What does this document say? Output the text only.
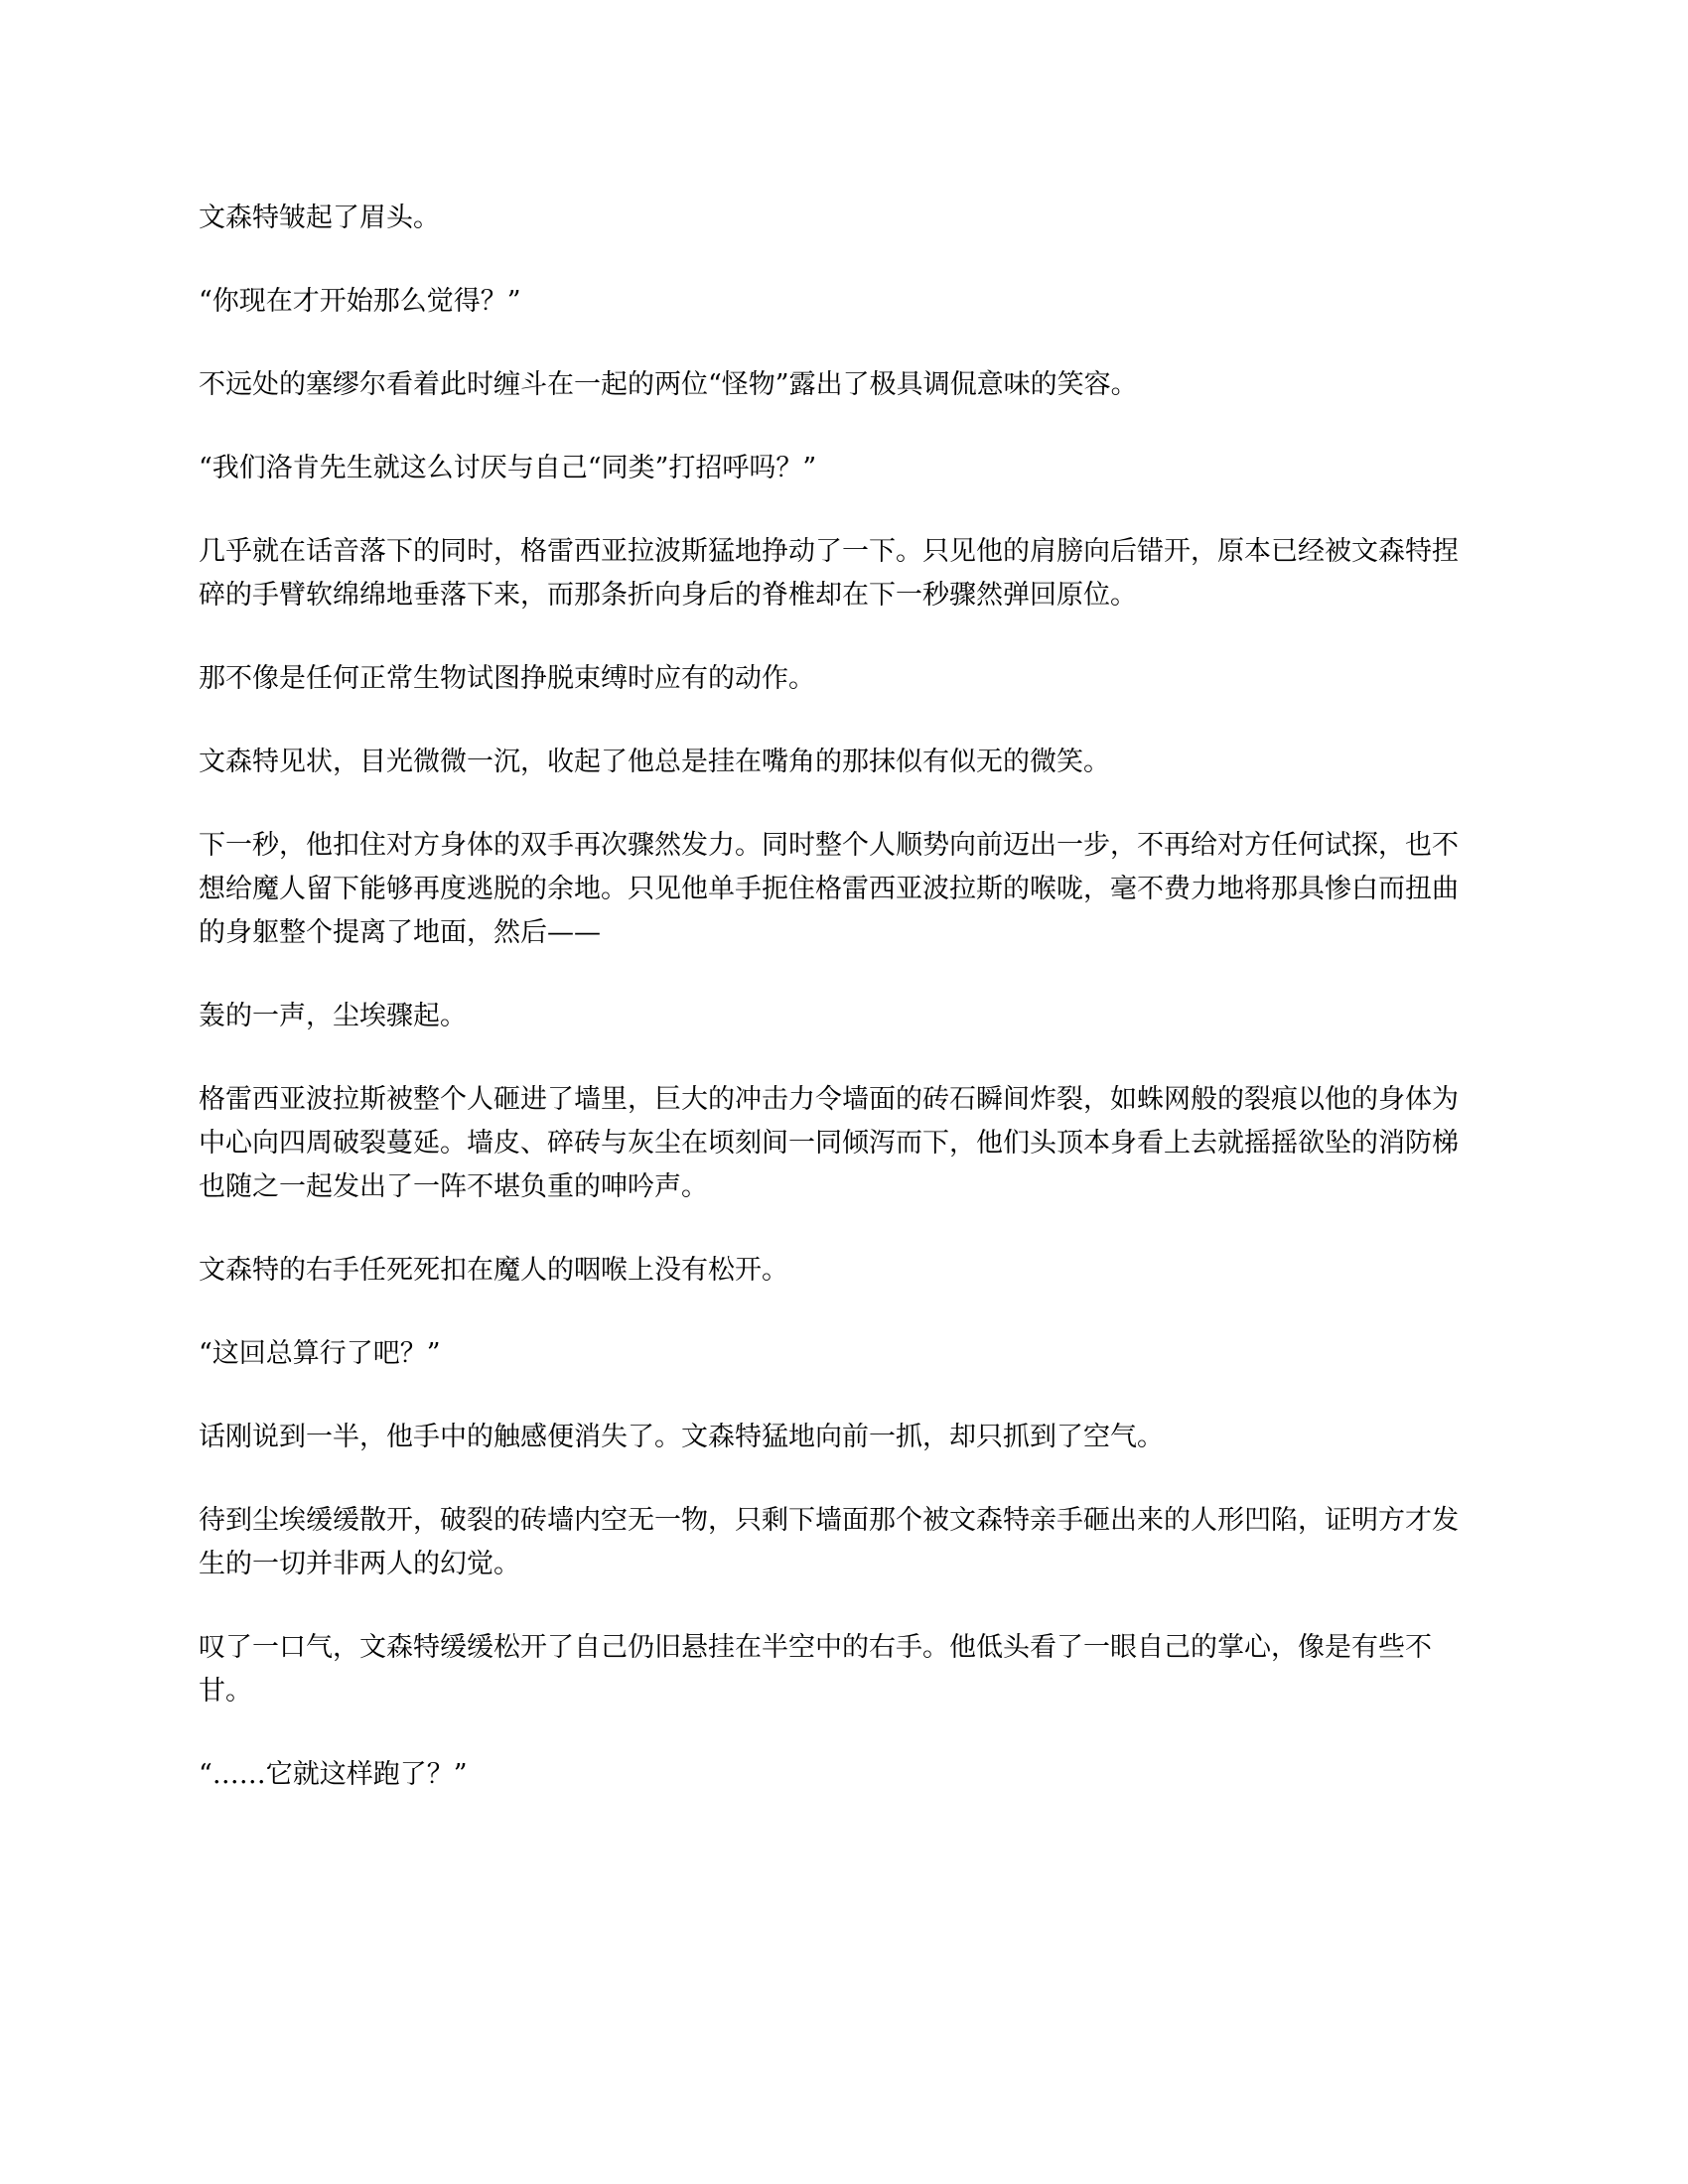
文森特皱起了眉头。

“你现在才开始那么觉得？”

不远处的塞缪尔看着此时缠斗在一起的两位“怪物”露出了极具调侃意味的笑容。

“我们洛肯先生就这么讨厌与自己“同类”打招呼吗？”

几乎就在话音落下的同时，格雷西亚拉波斯猛地挣动了一下。只见他的肩膀向后错开，原本已经被文森特捏碎的手臂软绵绵地垂落下来，而那条折向身后的脊椎却在下一秒骤然弹回原位。

那不像是任何正常生物试图挣脱束缚时应有的动作。

文森特见状，目光微微一沉，收起了他总是挂在嘴角的那抹似有似无的微笑。

下一秒，他扣住对方身体的双手再次骤然发力。同时整个人顺势向前迈出一步，不再给对方任何试探，也不想给魔人留下能够再度逃脱的余地。只见他单手扼住格雷西亚波拉斯的喉咙，毫不费力地将那具惨白而扭曲的身躯整个提离了地面，然后——

轰的一声，尘埃骤起。

格雷西亚波拉斯被整个人砸进了墙里，巨大的冲击力令墙面的砖石瞬间炸裂，如蛛网般的裂痕以他的身体为中心向四周破裂蔓延。墙皮、碎砖与灰尘在顷刻间一同倾泻而下，他们头顶本身看上去就摇摇欲坠的消防梯也随之一起发出了一阵不堪负重的呻吟声。

文森特的右手任死死扣在魔人的咽喉上没有松开。

“这回总算行了吧？”

话刚说到一半，他手中的触感便消失了。文森特猛地向前一抓，却只抓到了空气。

待到尘埃缓缓散开，破裂的砖墙内空无一物，只剩下墙面那个被文森特亲手砸出来的人形凹陷，证明方才发生的一切并非两人的幻觉。

叹了一口气，文森特缓缓松开了自己仍旧悬挂在半空中的右手。他低头看了一眼自己的掌心，像是有些不甘。

“……它就这样跑了？”
